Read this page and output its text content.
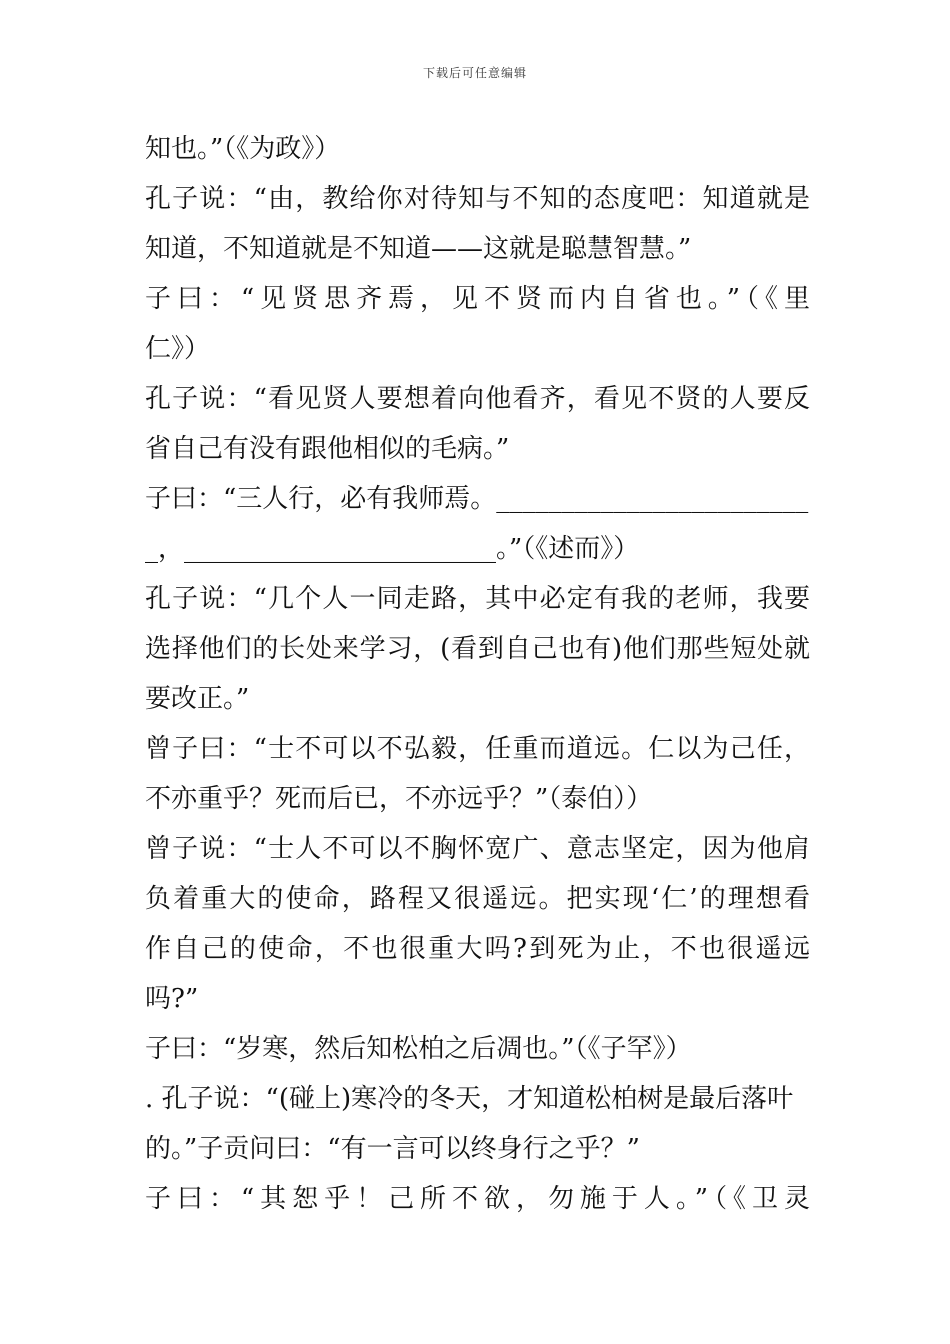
下载后可任意编辑
知也。”（《为政》）
孔子说：“由，教给你对待知与不知的态度吧：知道就是
知道，不知道就是不知道——这就是聪慧智慧。”
子曰：“见贤思齐焉，见不贤而内自省也。”（《里
仁》）
孔子说：“看见贤人要想着向他看齐，看见不贤的人要反
省自己有没有跟他相似的毛病。”
子曰：“三人行，必有我师焉。________________________
_，________________________。”（《述而》）
孔子说：“几个人一同走路，其中必定有我的老师，我要
选择他们的长处来学习，(看到自己也有)他们那些短处就
要改正。”
曾子曰：“士不可以不弘毅，任重而道远。仁以为己任，
不亦重乎？死而后已，不亦远乎？”（泰伯））
曾子说：“士人不可以不胸怀宽广、意志坚定，因为他肩
负着重大的使命，路程又很遥远。把实现‘仁’的理想看
作自己的使命，不也很重大吗?到死为止，不也很遥远
吗?”
子曰：“岁寒，然后知松柏之后凋也。”（《子罕》）
. 孔子说：“(碰上)寒冷的冬天，才知道松柏树是最后落叶
的。”子贡问曰：“有一言可以终身行之乎？”
子曰：“其恕乎！己所不欲，勿施于人。”（《卫灵
